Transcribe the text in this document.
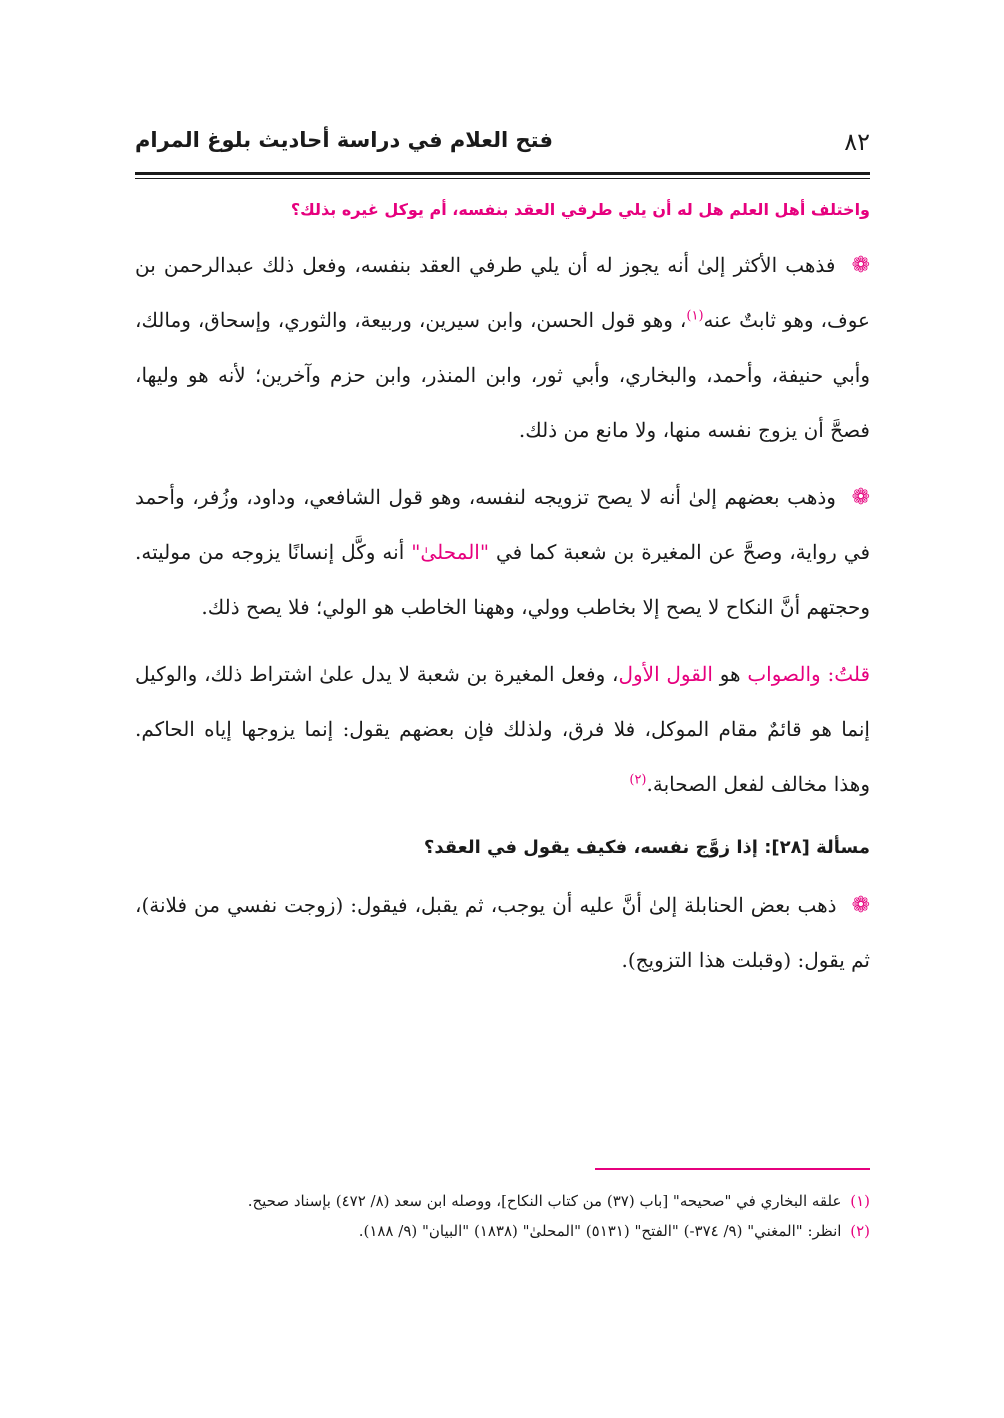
٨٢
فتح العلام في دراسة أحاديث بلوغ المرام

واختلف أهل العلم هل له أن يلي طرفي العقد بنفسه، أم يوكل غيره بذلك؟

❁ فذهب الأكثر إلىٰ أنه يجوز له أن يلي طرفي العقد بنفسه، وفعل ذلك عبدالرحمن بن عوف، وهو ثابتٌ عنه$^{(١)}$، وهو قول الحسن، وابن سيرين، وربيعة، والثوري، وإسحاق، ومالك، وأبي حنيفة، وأحمد، والبخاري، وأبي ثور، وابن المنذر، وابن حزم وآخرين؛ لأنه هو وليها، فصحَّ أن يزوج نفسه منها، ولا مانع من ذلك.

❁ وذهب بعضهم إلىٰ أنه لا يصح تزويجه لنفسه، وهو قول الشافعي، وداود، وزُفر، وأحمد في رواية، وصحَّ عن المغيرة بن شعبة كما في "المحلىٰ" أنه وكَّل إنسانًا يزوجه من موليته. وحجتهم أنَّ النكاح لا يصح إلا بخاطب وولي، وههنا الخاطب هو الولي؛ فلا يصح ذلك.

قلتُ: والصواب هو القول الأول، وفعل المغيرة بن شعبة لا يدل علىٰ اشتراط ذلك، والوكيل إنما هو قائمٌ مقام الموكل، فلا فرق، ولذلك فإن بعضهم يقول: إنما يزوجها إياه الحاكم. وهذا مخالف لفعل الصحابة.$^{(٢)}$

مسألة [٢٨]: إذا زوَّج نفسه، فكيف يقول في العقد؟

❁ ذهب بعض الحنابلة إلىٰ أنَّ عليه أن يوجب، ثم يقبل، فيقول: (زوجت نفسي من فلانة)، ثم يقول: (وقبلت هذا التزويج).

(١) علقه البخاري في "صحيحه" [باب (٣٧) من كتاب النكاح]، ووصله ابن سعد (٨/ ٤٧٢) بإسناد صحيح.

(٢) انظر: "المغني" (٩/ ٣٧٤-) "الفتح" (٥١٣١) "المحلىٰ" (١٨٣٨) "البيان" (٩/ ١٨٨).
